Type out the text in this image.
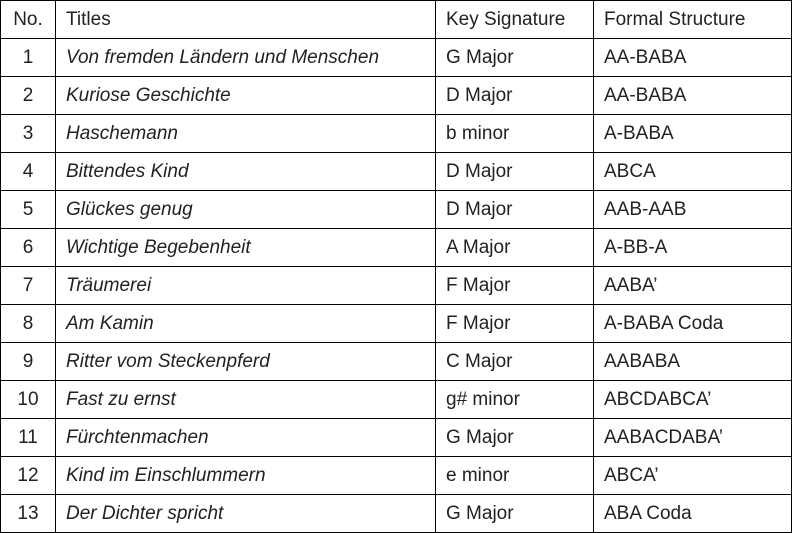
No.	Titles	Key Signature	Formal Structure
1	Von fremden Ländern und Menschen	G Major	AA-BABA
2	Kuriose Geschichte	D Major	AA-BABA
3	Haschemann	b minor	A-BABA
4	Bittendes Kind	D Major	ABCA
5	Glückes genug	D Major	AAB-AAB
6	Wichtige Begebenheit	A Major	A-BB-A
7	Träumerei	F Major	AABA’
8	Am Kamin	F Major	A-BABA Coda
9	Ritter vom Steckenpferd	C Major	AABABA
10	Fast zu ernst	g# minor	ABCDABCA’
11	Fürchtenmachen	G Major	AABACDABA’
12	Kind im Einschlummern	e minor	ABCA’
13	Der Dichter spricht	G Major	ABA Coda
